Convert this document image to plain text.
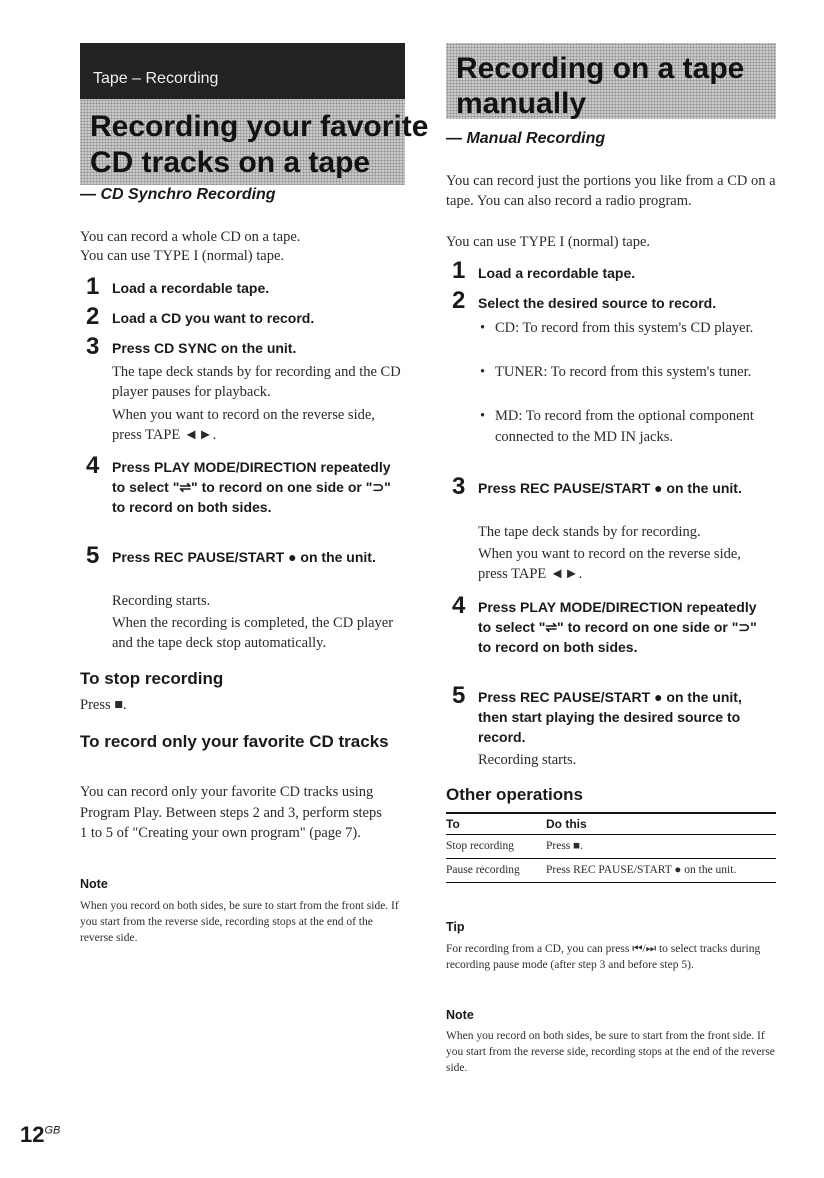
Tape – Recording
Recording your favorite
CD tracks on a tape
— CD Synchro Recording
You can record a whole CD on a tape.
You can use TYPE I (normal) tape.
1 Load a recordable tape.
2 Load a CD you want to record.
3 Press CD SYNC on the unit.
The tape deck stands by for recording and the CD player pauses for playback.
When you want to record on the reverse side, press TAPE ◄►.
4 Press PLAY MODE/DIRECTION repeatedly to select "⇌" to record on one side or "⊃" to record on both sides.
5 Press REC PAUSE/START ● on the unit.
Recording starts.
When the recording is completed, the CD player and the tape deck stop automatically.
To stop recording
Press ■.
To record only your favorite CD tracks
You can record only your favorite CD tracks using Program Play. Between steps 2 and 3, perform steps 1 to 5 of "Creating your own program" (page 7).
Note
When you record on both sides, be sure to start from the front side. If you start from the reverse side, recording stops at the end of the reverse side.
Recording on a tape
manually
— Manual Recording
You can record just the portions you like from a CD on a tape. You can also record a radio program.
You can use TYPE I (normal) tape.
1 Load a recordable tape.
2 Select the desired source to record.
• CD: To record from this system's CD player.
• TUNER: To record from this system's tuner.
• MD: To record from the optional component connected to the MD IN jacks.
3 Press REC PAUSE/START ● on the unit.
The tape deck stands by for recording.
When you want to record on the reverse side, press TAPE ◄►.
4 Press PLAY MODE/DIRECTION repeatedly to select "⇌" to record on one side or "⊃" to record on both sides.
5 Press REC PAUSE/START ● on the unit, then start playing the desired source to record.
Recording starts.
Other operations
To	Do this
Stop recording	Press ■.
Pause recording	Press REC PAUSE/START ● on the unit.
Tip
For recording from a CD, you can press ⏮/⏭ to select tracks during recording pause mode (after step 3 and before step 5).
Note
When you record on both sides, be sure to start from the front side. If you start from the reverse side, recording stops at the end of the reverse side.
$12^{GB}$
